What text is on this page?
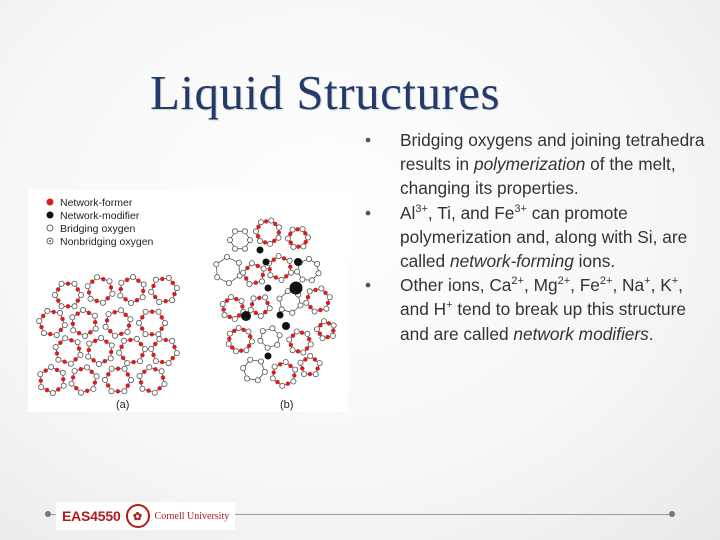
Liquid Structures
Network-former
Network-modifier
Bridging oxygen
Nonbridging oxygen
(a)	(b)
• Bridging oxygens and joining tetrahedra results in polymerization of the melt, changing its properties.
• $Al^{3+}$, Ti, and $Fe^{3+}$ can promote polymerization and, along with Si, are called network-forming ions.
• Other ions, $Ca^{2+}$, $Mg^{2+}$, $Fe^{2+}$, Na+, K+, and H+ tend to break up this structure and are called network modifiers.
EAS4550	✿	Cornell University
